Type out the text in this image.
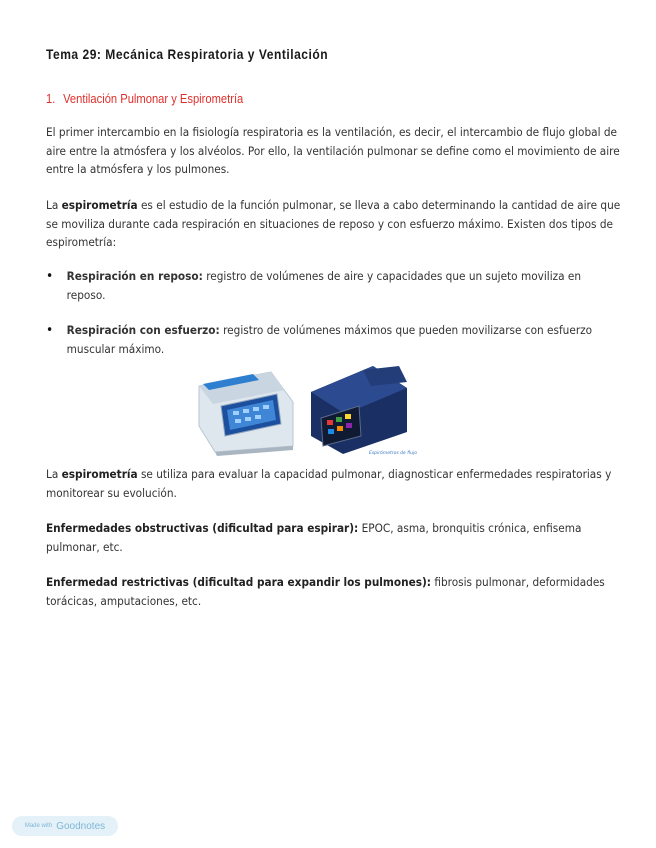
Tema 29: Mecánica Respiratoria y Ventilación
1. Ventilación Pulmonar y Espirometría
El primer intercambio en la fisiología respiratoria es la ventilación, es decir, el intercambio de flujo global de aire entre la atmósfera y los alvéolos. Por ello, la ventilación pulmonar se define como el movimiento de aire entre la atmósfera y los pulmones.
La espirometría es el estudio de la función pulmonar, se lleva a cabo determinando la cantidad de aire que se moviliza durante cada respiración en situaciones de reposo y con esfuerzo máximo. Existen dos tipos de espirometría:
• Respiración en reposo: registro de volúmenes de aire y capacidades que un sujeto moviliza en reposo.
• Respiración con esfuerzo: registro de volúmenes máximos que pueden movilizarse con esfuerzo muscular máximo.
Espirómetros de flujo
La espirometría se utiliza para evaluar la capacidad pulmonar, diagnosticar enfermedades respiratorias y monitorear su evolución.
Enfermedades obstructivas (dificultad para espirar): EPOC, asma, bronquitis crónica, enfisema pulmonar, etc.
Enfermedad restrictivas (dificultad para expandir los pulmones): fibrosis pulmonar, deformidades torácicas, amputaciones, etc.
Made with Goodnotes
